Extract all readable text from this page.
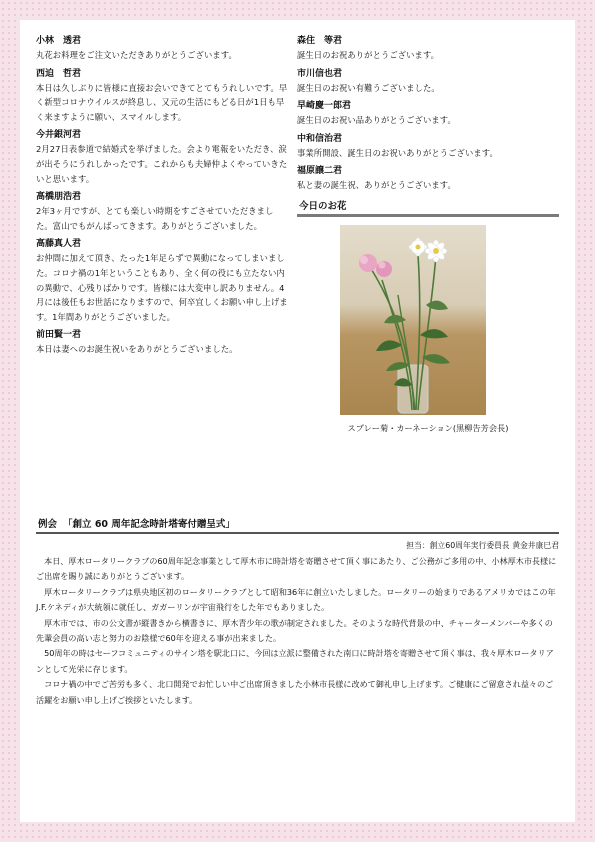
小林　透君
丸花お料理をご注文いただきありがとうございます。
西迫　哲君
本日は久しぶりに皆様に直接お会いできてとてもうれしいです。早く新型コロナウイルスが終息し、又元の生活にもどる日が1日も早く来ますように願い、スマイルします。
今井銀河君
2月27日表参道で結婚式を挙げました。会より電報をいただき、涙が出そうにうれしかったです。これからも夫婦仲よくやっていきたいと思います。
高橋朋浩君
2年3ヶ月ですが、とても楽しい時期をすごさせていただきました。富山でもがんばってきます。ありがとうございました。
高藤真人君
お仲間に加えて頂き、たった1年足らずで異動になってしまいました。コロナ禍の1年ということもあり、全く何の役にも立たない内の異動で、心残りばかりです。皆様には大変申し訳ありません。4月には後任もお世話になりますので、何卒宜しくお願い申し上げます。1年間ありがとうございました。
前田賢一君
本日は妻へのお誕生祝いをありがとうございました。
森住　等君
誕生日のお祝ありがとうございます。
市川信也君
誕生日のお祝い有難うございました。
早崎慶一郎君
誕生日のお祝い品ありがとうございます。
中和信治君
事業所開設、誕生日のお祝いありがとうございます。
福原譲二君
私と妻の誕生祝、ありがとうございます。
今日のお花
スプレー菊・カーネーション(黒柳告芳会長)
例会 「創立 60 周年記念時計塔寄付贈呈式」
担当：創立60周年実行委員長 黄金井康巳君

本日、厚木ロータリークラブの60周年記念事業として厚木市に時計塔を寄贈させて頂く事にあたり、ご公務がご多用の中、小林厚木市長様にご出席を賜り誠にありがとうございます。

厚木ロータリークラブは県央地区初のロータリークラブとして昭和36年に創立いたしました。ロータリーの始まりであるアメリカではこの年J.F.ケネディが大統領に就任し、ガガーリンが宇宙飛行をした年でもありました。

厚木市では、市の公文書が縦書きから横書きに、厚木青少年の歌が制定されました。そのような時代背景の中、チャーターメンバーや多くの先輩会員の高い志と努力のお陰様で60年を迎える事が出来ました。

50周年の時はセーフコミュニティのサイン塔を駅北口に、今回は立派に整備された南口に時計塔を寄贈させて頂く事は、我々厚木ロータリアンとして光栄に存じます。

コロナ禍の中でご苦労も多く、北口開発でお忙しい中ご出席頂きました小林市長様に改めて御礼申し上げます。ご健康にご留意され益々のご活躍をお願い申し上げご挨拶といたします。
